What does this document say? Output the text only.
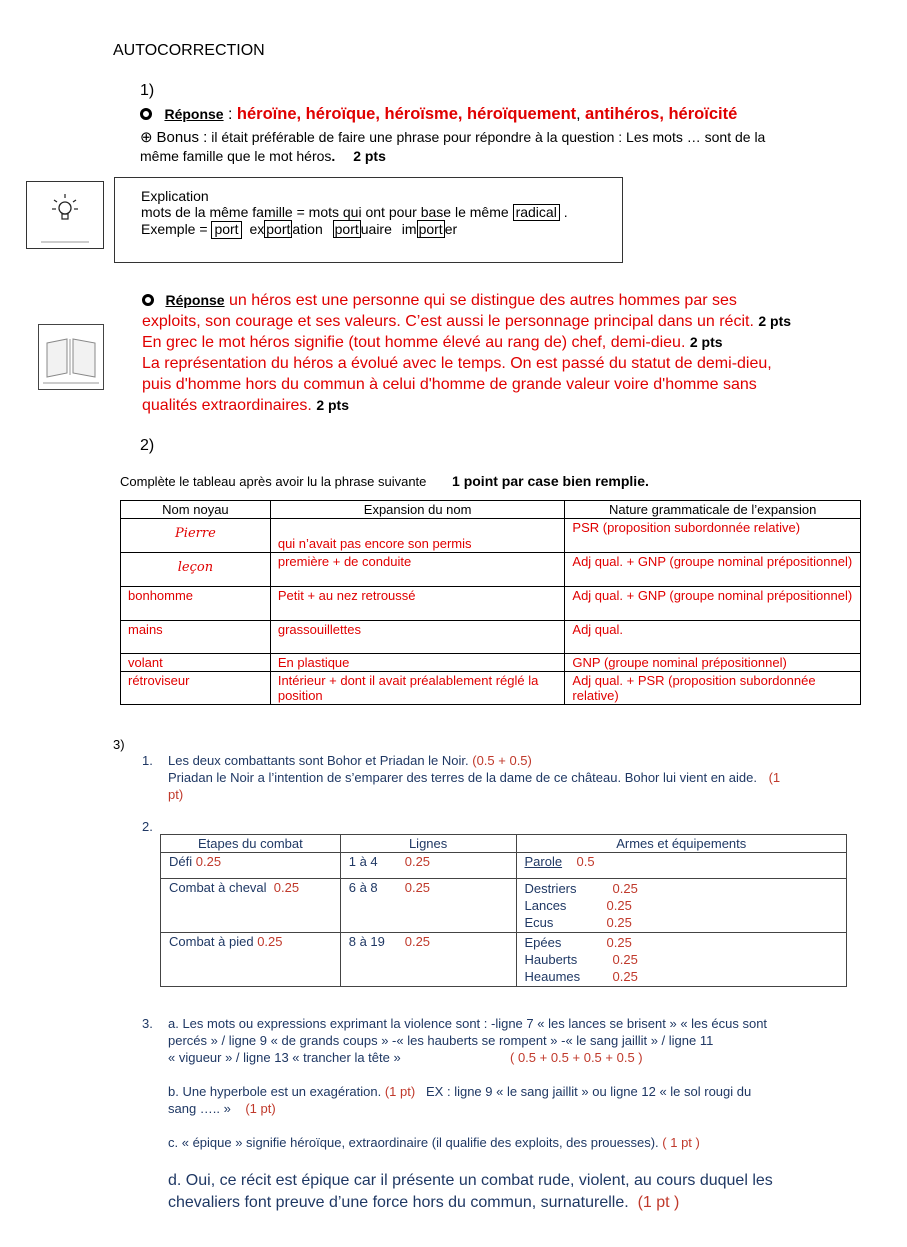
AUTOCORRECTION
1)
Réponse : héroïne, héroïque, héroïsme, héroïquement, antihéros, héroïcité
⊕ Bonus : il était préférable de faire une phrase pour répondre à la question : Les mots … sont de la
même famille que le mot héros. 2 pts
Explication
mots de la même famille = mots qui ont pour base le même radical .
Exemple = port ex port ation port uaire im port er
Réponse un héros est une personne qui se distingue des autres hommes par ses
exploits, son courage et ses valeurs. C’est aussi le personnage principal dans un récit. 2 pts
En grec le mot héros signifie (tout homme élevé au rang de) chef, demi-dieu. 2 pts
La représentation du héros a évolué avec le temps. On est passé du statut de demi-dieu,
puis d'homme hors du commun à celui d'homme de grande valeur voire d'homme sans
qualités extraordinaires. 2 pts
2)
Complète le tableau après avoir lu la phrase suivante 1 point par case bien remplie.
Nom noyau	Expansion du nom	Nature grammaticale de l’expansion
Pierre	qui n’avait pas encore son permis	PSR (proposition subordonnée relative)
leçon	première + de conduite	Adj qual. + GNP (groupe nominal prépositionnel)
bonhomme	Petit + au nez retroussé	Adj qual. + GNP (groupe nominal prépositionnel)
mains	grassouillettes	Adj qual.
volant	En plastique	GNP (groupe nominal prépositionnel)
rétroviseur	Intérieur + dont il avait préalablement réglé la position	Adj qual. + PSR (proposition subordonnée relative)
3)
1. Les deux combattants sont Bohor et Priadan le Noir. (0.5 + 0.5)
Priadan le Noir a l’intention de s’emparer des terres de la dame de ce château. Bohor lui vient en aide. (1
pt)
2.
Etapes du combat	Lignes	Armes et équipements
Défi 0.25	1 à 4 0.25	Parole 0.5
Combat à cheval 0.25	6 à 8 0.25	Destriers 0.25
Lances 0.25
Ecus 0.25

Combat à pied 0.25	8 à 19 0.25	Epées 0.25
Hauberts 0.25
Heaumes 0.25
3. a. Les mots ou expressions exprimant la violence sont : -ligne 7 « les lances se brisent » « les écus sont
percés » / ligne 9 « de grands coups » -« les hauberts se rompent » -« le sang jaillit » / ligne 11
« vigueur » / ligne 13 « trancher la tête »	( 0.5 + 0.5 + 0.5 + 0.5 )
b. Une hyperbole est un exagération. (1 pt) EX : ligne 9 « le sang jaillit » ou ligne 12 « le sol rougi du
sang ….. » (1 pt)
c. « épique » signifie héroïque, extraordinaire (il qualifie des exploits, des prouesses). ( 1 pt )
d. Oui, ce récit est épique car il présente un combat rude, violent, au cours duquel les
chevaliers font preuve d’une force hors du commun, surnaturelle. (1 pt )
